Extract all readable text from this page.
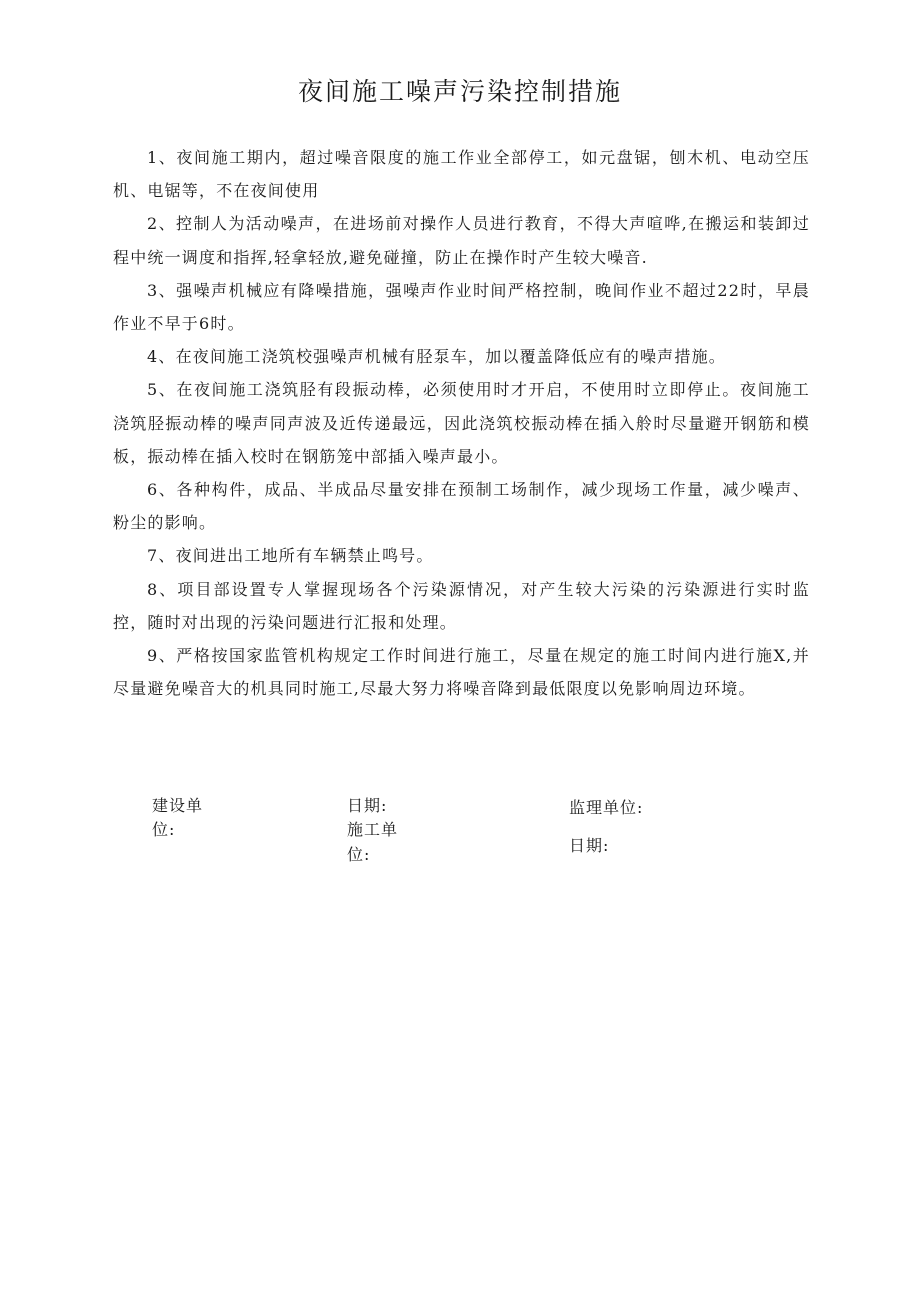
夜间施工噪声污染控制措施

1、夜间施工期内，超过噪音限度的施工作业全部停工，如元盘锯，刨木机、电动空压机、电锯等，不在夜间使用

2、控制人为活动噪声，在进场前对操作人员进行教育，不得大声喧哗,在搬运和装卸过程中统一调度和指挥,轻拿轻放,避免碰撞，防止在操作时产生较大噪音.

3、强噪声机械应有降噪措施，强噪声作业时间严格控制，晚间作业不超过22时，早晨作业不早于6时。

4、在夜间施工浇筑校强噪声机械有胫泵车，加以覆盖降低应有的噪声措施。

5、在夜间施工浇筑胫有段振动棒，必须使用时才开启，不使用时立即停止。夜间施工浇筑胫振动棒的噪声同声波及近传递最远，因此浇筑校振动棒在插入舲时尽量避开钢筋和模板，振动棒在插入校时在钢筋笼中部插入噪声最小。

6、各种构件，成品、半成品尽量安排在预制工场制作，减少现场工作量，减少噪声、粉尘的影响。

7、夜间进出工地所有车辆禁止鸣号。

8、项目部设置专人掌握现场各个污染源情况，对产生较大污染的污染源进行实时监控，随时对出现的污染问题进行汇报和处理。

9、严格按国家监管机构规定工作时间进行施工，尽量在规定的施工时间内进行施X,并尽量避免噪音大的机具同时施工,尽最大努力将噪音降到最低限度以免影响周边环境。

建设单
位:
日期:
施工单
位:
监理单位:
日期:
